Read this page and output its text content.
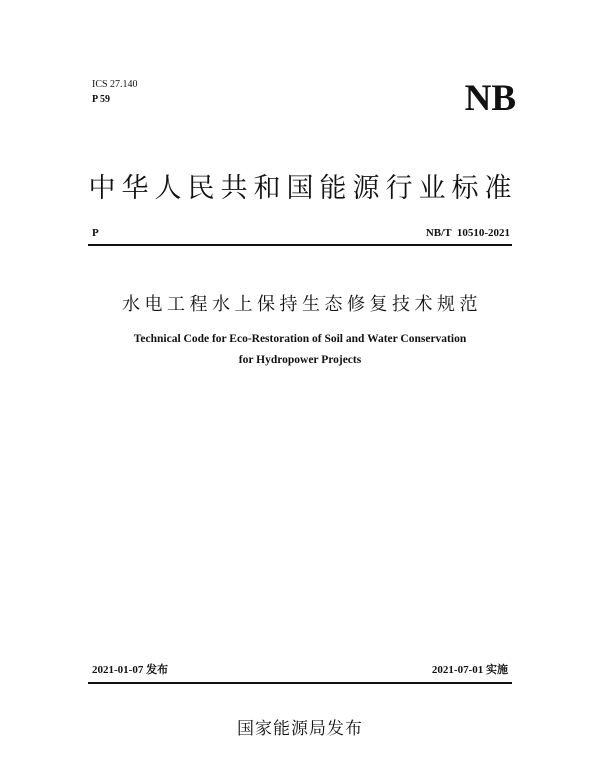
ICS 27.140
P 59	NB
中华人民共和国能源行业标准
P	NB/T  10510-2021
水电工程水上保持生态修复技术规范
Technical Code for Eco-Restoration of Soil and Water Conservation
for Hydropower Projects
2021-01-07 发布	2021-07-01 实施
国家能源局发布
